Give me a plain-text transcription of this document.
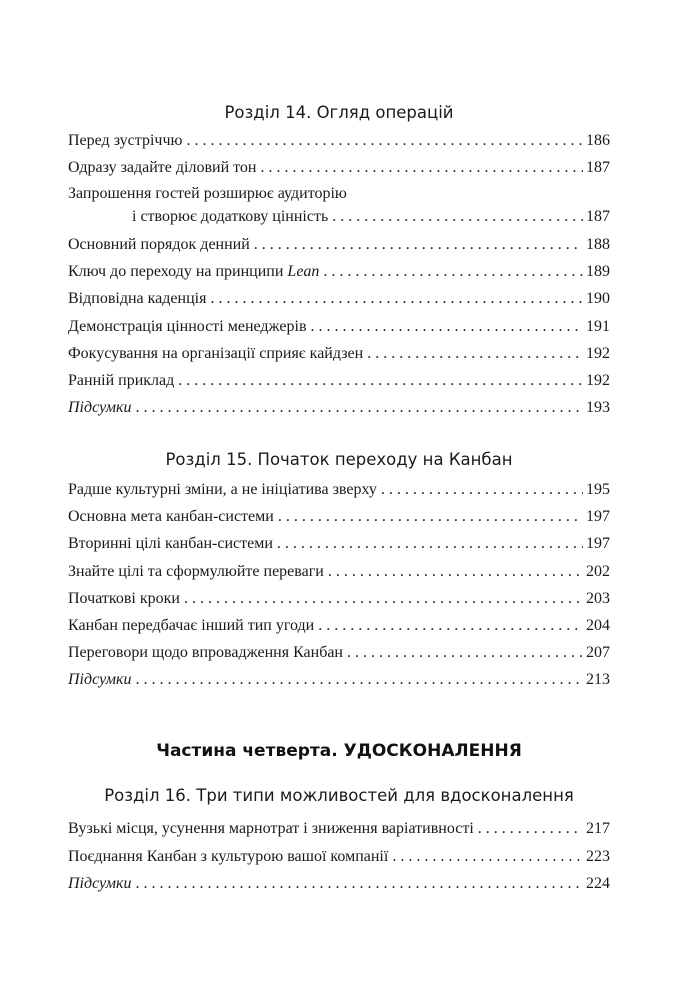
Розділ 14. Огляд операцій
Перед зустріччю . . .	186
Одразу задайте діловий тон . . .	187
Запрошення гостей розширює аудиторію
і створює додаткову цінність . . .	187
Основний порядок денний . . .	188
Ключ до переходу на принципи Lean . . .	189
Відповідна каденція . . .	190
Демонстрація цінності менеджерів . . .	191
Фокусування на організації сприяє кайдзен . . .	192
Ранній приклад . . .	192
Підсумки . . .	193
Розділ 15. Початок переходу на Канбан
Радше культурні зміни, а не ініціатива зверху . . .	195
Основна мета канбан-системи . . .	197
Вторинні цілі канбан-системи . . .	197
Знайте цілі та сформулюйте переваги . . .	202
Початкові кроки . . .	203
Канбан передбачає інший тип угоди . . .	204
Переговори щодо впровадження Канбан . . .	207
Підсумки . . .	213
Частина четверта. УДОСКОНАЛЕННЯ
Розділ 16. Три типи можливостей для вдосконалення
Вузькі місця, усунення марнотрат і зниження варіативності . . .	217
Поєднання Канбан з культурою вашої компанії . . .	223
Підсумки . . .	224
